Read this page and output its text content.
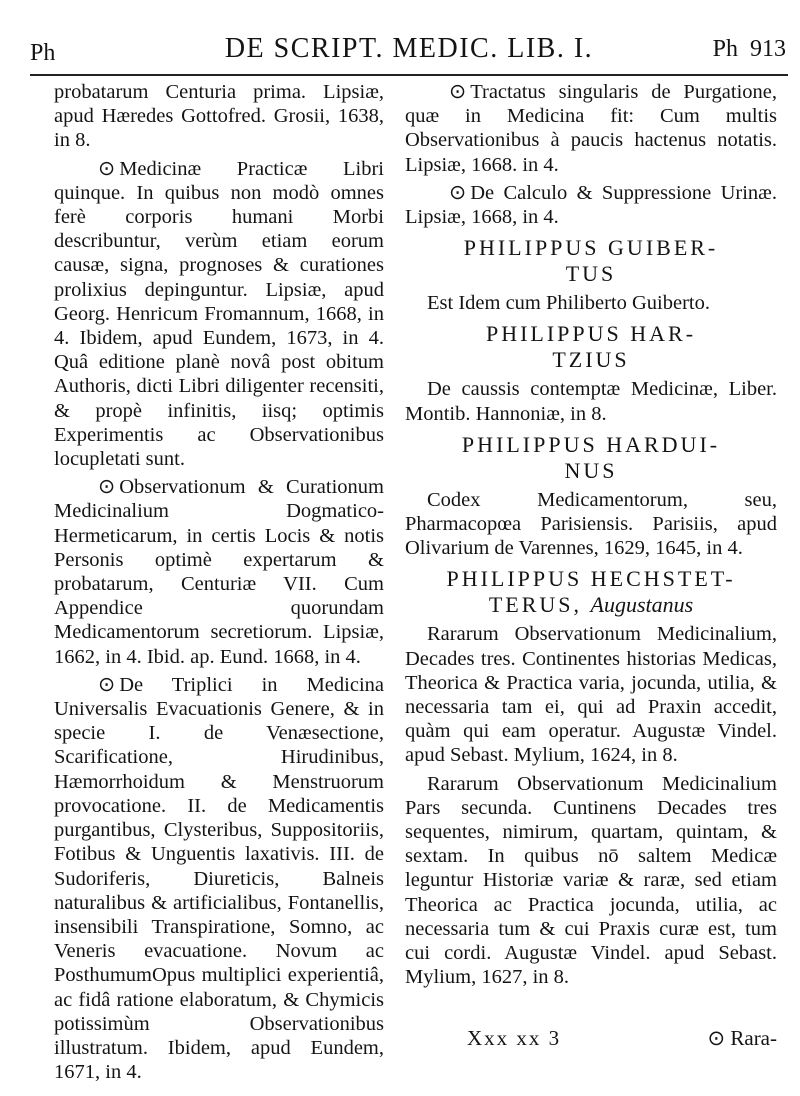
Ph	DE SCRIPT. MEDIC. LIB. I.	Ph 913

probatarum Centuria prima. Lipsiæ, apud Hæredes Gottofred. Grosii, 1638, in 8.

⊙ Medicinæ Practicæ Libri quinque. In quibus non modò omnes ferè corporis humani Morbi describuntur, verùm etiam eorum causæ, signa, prognoses & curationes prolixius depinguntur. Lipsiæ, apud Georg. Henricum Fromannum, 1668, in 4. Ibidem, apud Eundem, 1673, in 4. Quâ editione planè novâ post obitum Authoris, dicti Libri diligenter recensiti, & propè infinitis, iisq; optimis Experimentis ac Observationibus locupletati sunt.

⊙ Observationum & Curationum Medicinalium Dogmatico-Hermeticarum, in certis Locis & notis Personis optimè expertarum & probatarum, Centuriæ VII. Cum Appendice quorundam Medicamentorum secretiorum. Lipsiæ, 1662, in 4. Ibid. ap. Eund. 1668, in 4.

⊙ De Triplici in Medicina Universalis Evacuationis Genere, & in specie I. de Venæsectione, Scarificatione, Hirudinibus, Hæmorrhoidum & Menstruorum provocatione. II. de Medicamentis purgantibus, Clysteribus, Suppositoriis, Fotibus & Unguentis laxativis. III. de Sudoriferis, Diureticis, Balneis naturalibus & artificialibus, Fontanellis, insensibili Transpiratione, Somno, ac Veneris evacuatione. Novum ac PosthumumOpus multiplici experientiâ, ac fidâ ratione elaboratum, & Chymicis potissimùm Observationibus illustratum. Ibidem, apud Eundem, 1671, in 4.

⊙ Tractatus singularis de Purgatione, quæ in Medicina fit: Cum multis Observationibus à paucis hactenus notatis. Lipsiæ, 1668. in 4.

⊙ De Calculo & Suppressione Urinæ. Lipsiæ, 1668, in 4.

PHILIPPUS GUIBER-
TUS

Est Idem cum Philiberto Guiberto.

PHILIPPUS HAR-
TZIUS

De caussis contemptæ Medicinæ, Liber. Montib. Hannoniæ, in 8.

PHILIPPUS HARDUI-
NUS

Codex Medicamentorum, seu, Pharmacopœa Parisiensis. Parisiis, apud Olivarium de Varennes, 1629, 1645, in 4.

PHILIPPUS HECHSTET-
TERUS, Augustanus

Rararum Observationum Medicinalium, Decades tres. Continentes historias Medicas, Theorica & Practica varia, jocunda, utilia, & necessaria tam ei, qui ad Praxin accedit, quàm qui eam operatur. Augustæ Vindel. apud Sebast. Mylium, 1624, in 8.

Rararum Observationum Medicinalium Pars secunda. Cuntinens Decades tres sequentes, nimirum, quartam, quintam, & sextam. In quibus nō saltem Medicæ leguntur Historiæ variæ & raræ, sed etiam Theorica ac Practica jocunda, utilia, ac necessaria tum & cui Praxis curæ est, tum cui cordi. Augustæ Vindel. apud Sebast. Mylium, 1627, in 8.

Xxx xx 3	⊙ Rara-
